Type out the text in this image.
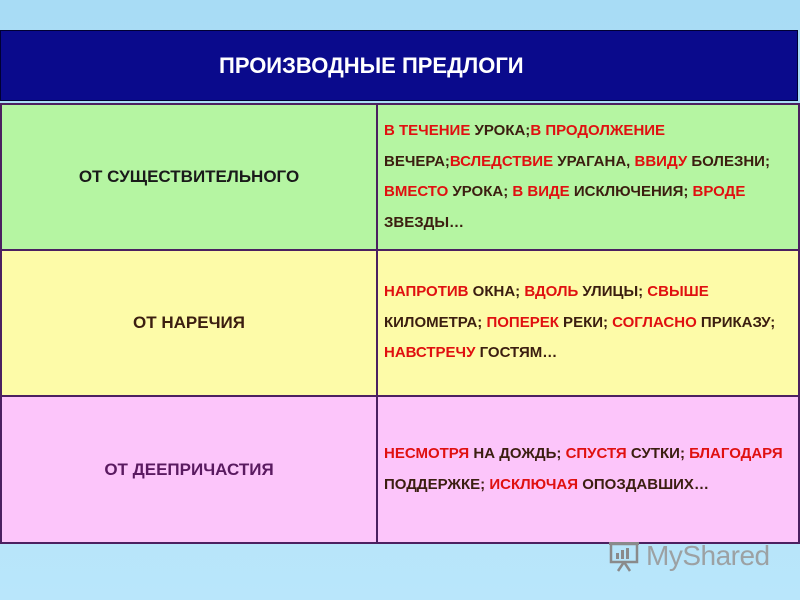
ПРОИЗВОДНЫЕ ПРЕДЛОГИ
ОТ СУЩЕСТВИТЕЛЬНОГО	В ТЕЧЕНИЕ УРОКА;В ПРОДОЛЖЕНИЕ ВЕЧЕРА;ВСЛЕДСТВИЕ УРАГАНА, ВВИДУ БОЛЕЗНИ; ВМЕСТО УРОКА; В ВИДЕ ИСКЛЮЧЕНИЯ; ВРОДЕ ЗВЕЗДЫ…
ОТ НАРЕЧИЯ	НАПРОТИВ ОКНА; ВДОЛЬ УЛИЦЫ; СВЫШЕ КИЛОМЕТРА; ПОПЕРЕК РЕКИ; СОГЛАСНО ПРИКАЗУ; НАВСТРЕЧУ ГОСТЯМ…
ОТ ДЕЕПРИЧАСТИЯ	НЕСМОТРЯ НА ДОЖДЬ; СПУСТЯ СУТКИ; БЛАГОДАРЯ ПОДДЕРЖКЕ; ИСКЛЮЧАЯ ОПОЗДАВШИХ…
MyShared
